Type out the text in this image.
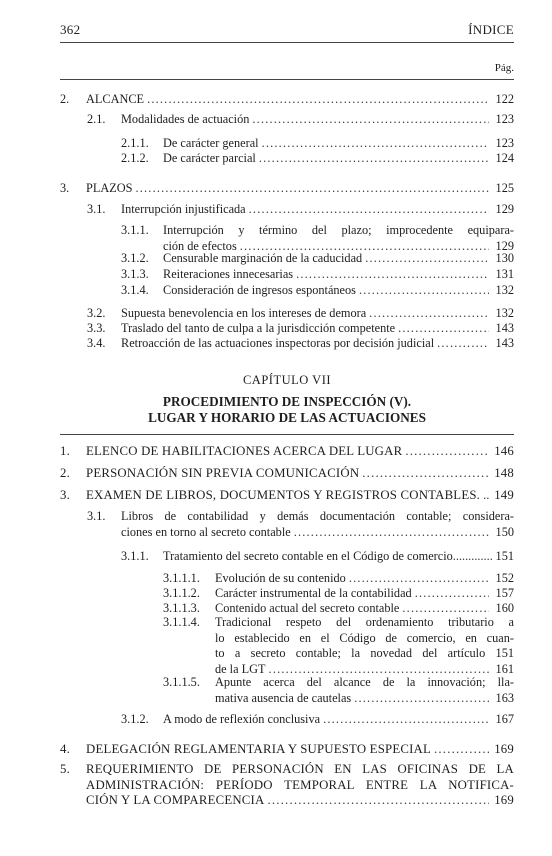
362	ÍNDICE
Pág.
2.	ALCANCE .....	122
2.1.	Modalidades de actuación .....	123
2.1.1.	De carácter general .....	123
2.1.2.	De carácter parcial .....	124
3.	PLAZOS .....	125
3.1.	Interrupción injustificada .....	129
3.1.1. Interrupción y término del plazo; improcedente equipara-
ción de efectos .....	129
3.1.2.	Censurable marginación de la caducidad .....	130
3.1.3.	Reiteraciones innecesarias .....	131
3.1.4.	Consideración de ingresos espontáneos .....	132
3.2.	Supuesta benevolencia en los intereses de demora .....	132
3.3.	Traslado del tanto de culpa a la jurisdicción competente .....	143
3.4.	Retroacción de las actuaciones inspectoras por decisión judicial .....	143
CAPÍTULO VII
PROCEDIMIENTO DE INSPECCIÓN (V).
LUGAR Y HORARIO DE LAS ACTUACIONES
1.	ELENCO DE HABILITACIONES ACERCA DEL LUGAR .....	146
2.	PERSONACIÓN SIN PREVIA COMUNICACIÓN .....	148
3.	EXAMEN DE LIBROS, DOCUMENTOS Y REGISTROS CONTABLES. ..... 149
3.1. Libros de contabilidad y demás documentación contable; considera-
ciones en torno al secreto contable .....	150
3.1.1.	Tratamiento del secreto contable en el Código de comercio .....	151
3.1.1.1.	Evolución de su contenido .....	152
3.1.1.2.	Carácter instrumental de la contabilidad .....	157
3.1.1.3.	Contenido actual del secreto contable .....	160
3.1.1.4. Tradicional respeto del ordenamiento tributario a
lo establecido en el Código de comercio, en cuan-
to a secreto contable; la novedad del artículo 151
de la LGT .....	161
3.1.1.5. Apunte acerca del alcance de la innovación; lla-
mativa ausencia de cautelas .....	163
3.1.2.	A modo de reflexión conclusiva .....	167
4.	DELEGACIÓN REGLAMENTARIA Y SUPUESTO ESPECIAL .....	169
5. REQUERIMIENTO DE PERSONACIÓN EN LAS OFICINAS DE LA
ADMINISTRACIÓN: PERÍODO TEMPORAL ENTRE LA NOTIFICA-
CIÓN Y LA COMPARECENCIA .....	169
